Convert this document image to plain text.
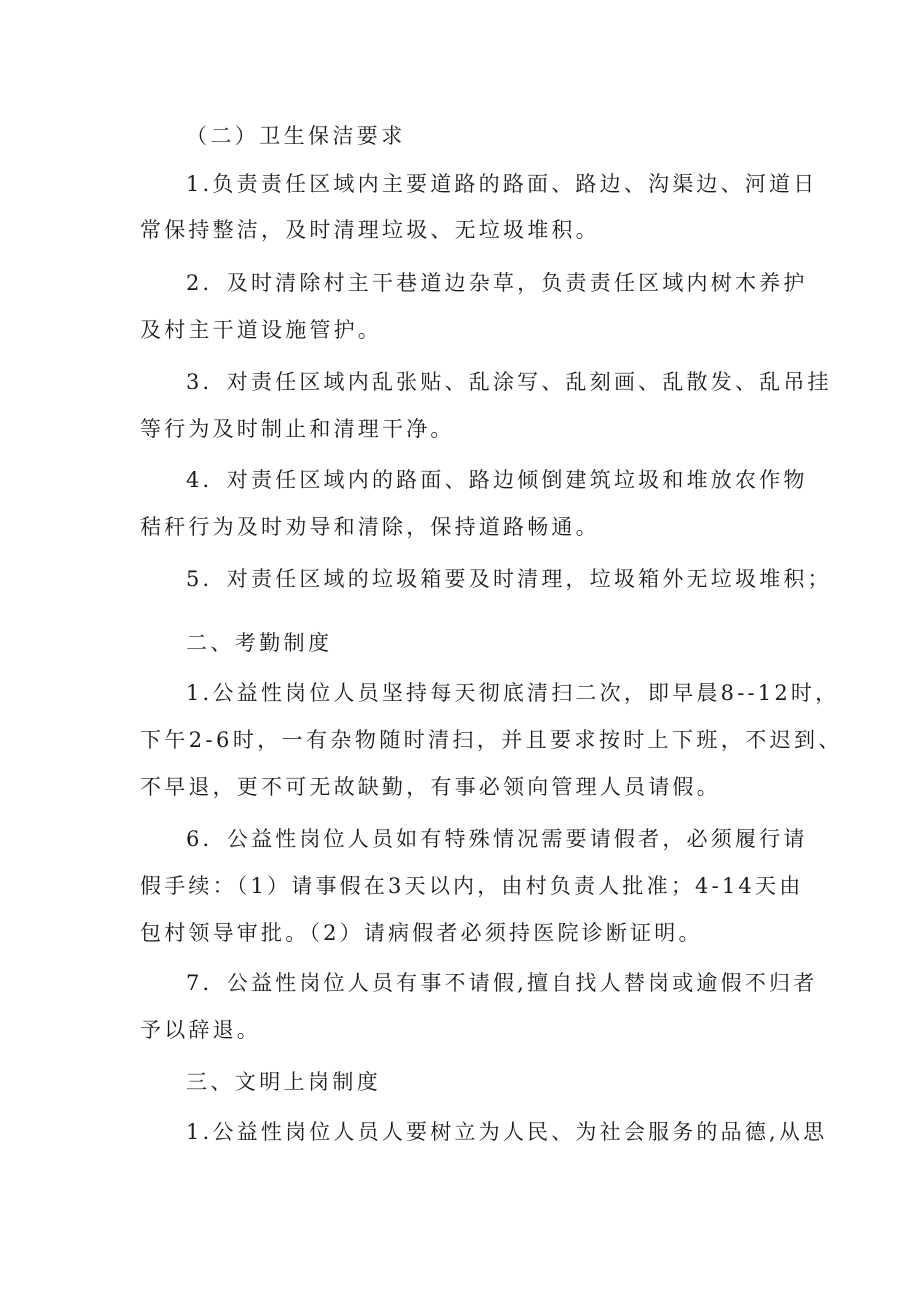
（二）卫生保洁要求
1.负责责任区域内主要道路的路面、路边、沟渠边、河道日
常保持整洁，及时清理垃圾、无垃圾堆积。
2．及时清除村主干巷道边杂草，负责责任区域内树木养护
及村主干道设施管护。
3．对责任区域内乱张贴、乱涂写、乱刻画、乱散发、乱吊挂
等行为及时制止和清理干净。
4．对责任区域内的路面、路边倾倒建筑垃圾和堆放农作物
秸秆行为及时劝导和清除，保持道路畅通。
5．对责任区域的垃圾箱要及时清理，垃圾箱外无垃圾堆积；
二、考勤制度
1.公益性岗位人员坚持每天彻底清扫二次，即早晨8--12时，
下午2-6时，一有杂物随时清扫，并且要求按时上下班，不迟到、
不早退，更不可无故缺勤，有事必领向管理人员请假。
6．公益性岗位人员如有特殊情况需要请假者，必须履行请
假手续：（1）请事假在3天以内，由村负责人批准；4-14天由
包村领导审批。（2）请病假者必须持医院诊断证明。
7．公益性岗位人员有事不请假,擅自找人替岗或逾假不归者
予以辞退。
三、文明上岗制度
1.公益性岗位人员人要树立为人民、为社会服务的品德,从思
